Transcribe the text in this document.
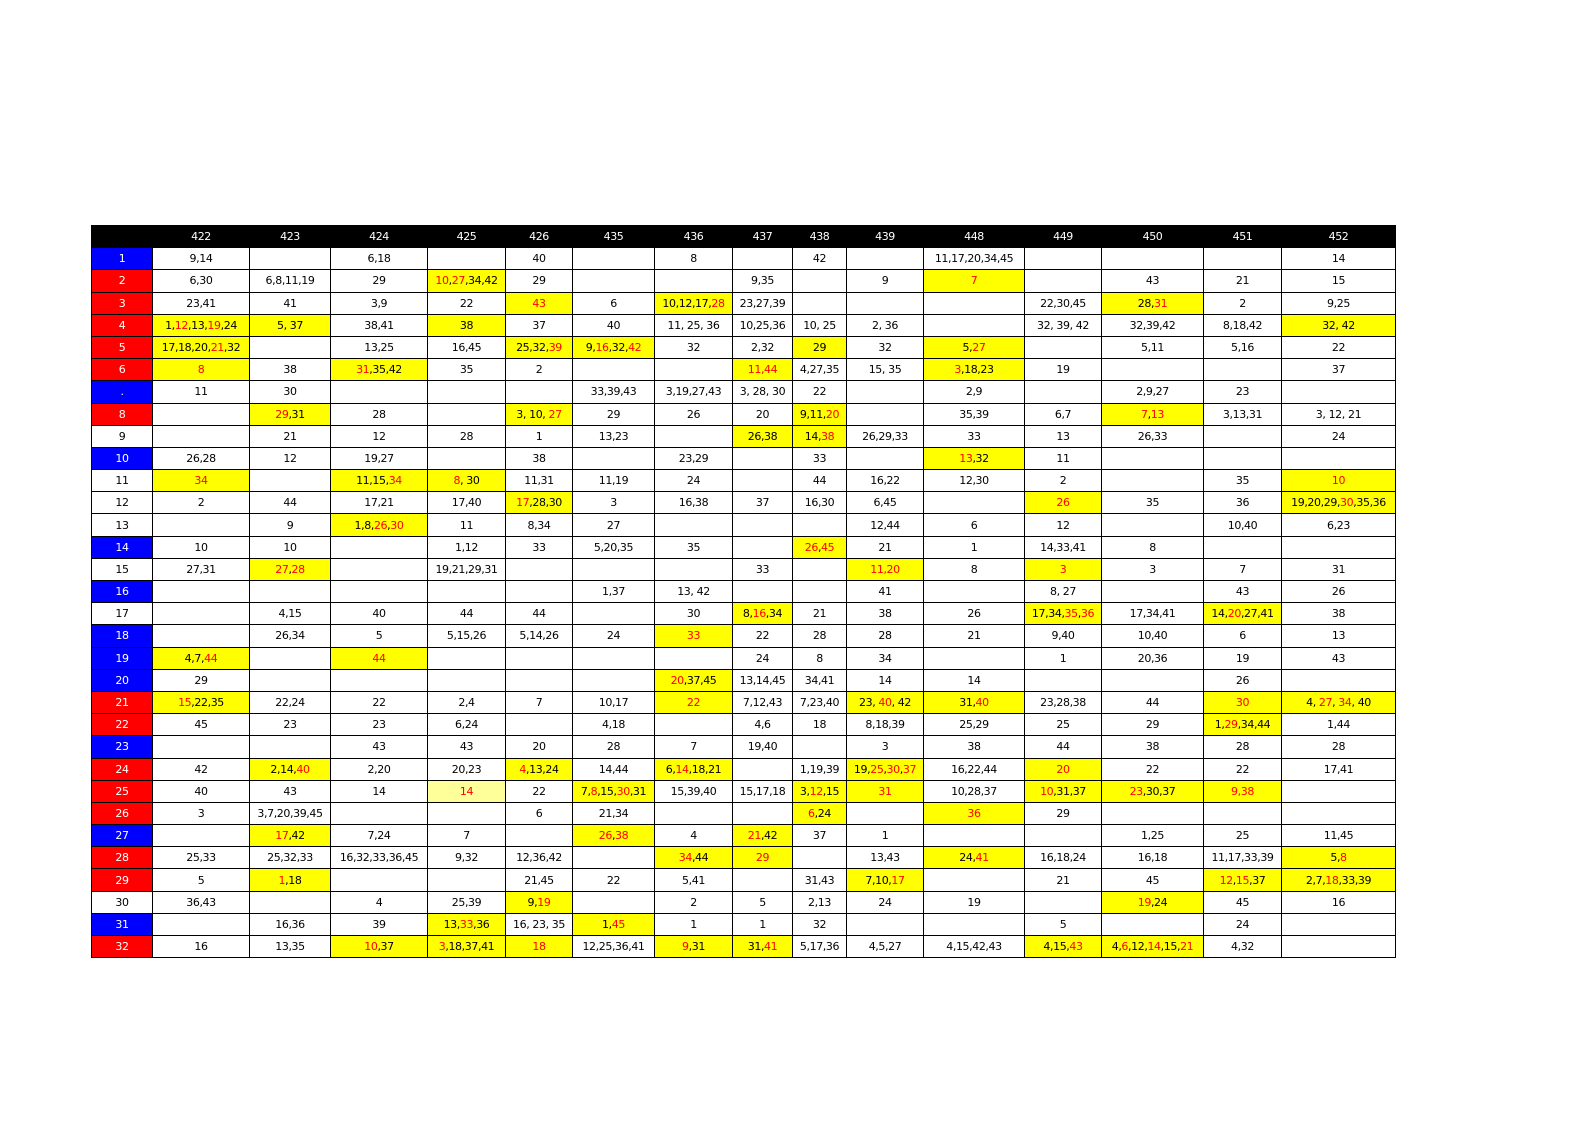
	422	423	424	425	426	435	436	437	438	439	448	449	450	451	452
1	9,14		6,18		40		8		42		11,17,20,34,45				14
2	6,30	6,8,11,19	29	10,27,34,42	29			9,35		9	7		43	21	15
3	23,41	41	3,9	22	43	6	10,12,17,28	23,27,39				22,30,45	28,31	2	9,25
4	1,12,13,19,24	5, 37	38,41	38	37	40	11, 25, 36	10,25,36	10, 25	2, 36		32, 39, 42	32,39,42	8,18,42	32, 42
5	17,18,20,21,32		13,25	16,45	25,32,39	9,16,32,42	32	2,32	29	32	5,27		5,11	5,16	22
6	8	38	31,35,42	35	2			11,44	4,27,35	15, 35	3,18,23	19			37
.	11	30				33,39,43	3,19,27,43	3, 28, 30	22		2,9		2,9,27	23	
8		29,31	28		3, 10, 27	29	26	20	9,11,20		35,39	6,7	7,13	3,13,31	3, 12, 21
9		21	12	28	1	13,23		26,38	14,38	26,29,33	33	13	26,33		24
10	26,28	12	19,27		38		23,29		33		13,32	11			
11	34		11,15,34	8, 30	11,31	11,19	24		44	16,22	12,30	2		35	10
12	2	44	17,21	17,40	17,28,30	3	16,38	37	16,30	6,45		26	35	36	19,20,29,30,35,36
13		9	1,8,26,30	11	8,34	27				12,44	6	12		10,40	6,23
14	10	10		1,12	33	5,20,35	35		26,45	21	1	14,33,41	8		
15	27,31	27,28		19,21,29,31				33		11,20	8	3	3	7	31
16						1,37	13, 42			41		8, 27		43	26
17		4,15	40	44	44		30	8,16,34	21	38	26	17,34,35,36	17,34,41	14,20,27,41	38
18		26,34	5	5,15,26	5,14,26	24	33	22	28	28	21	9,40	10,40	6	13
19	4,7,44		44					24	8	34		1	20,36	19	43
20	29						20,37,45	13,14,45	34,41	14	14			26	
21	15,22,35	22,24	22	2,4	7	10,17	22	7,12,43	7,23,40	23, 40, 42	31,40	23,28,38	44	30	4, 27, 34, 40
22	45	23	23	6,24		4,18		4,6	18	8,18,39	25,29	25	29	1,29,34,44	1,44
23			43	43	20	28	7	19,40		3	38	44	38	28	28
24	42	2,14,40	2,20	20,23	4,13,24	14,44	6,14,18,21		1,19,39	19,25,30,37	16,22,44	20	22	22	17,41
25	40	43	14	14	22	7,8,15,30,31	15,39,40	15,17,18	3,12,15	31	10,28,37	10,31,37	23,30,37	9,38	
26	3	3,7,20,39,45			6	21,34			6,24		36	29			
27		17,42	7,24	7		26,38	4	21,42	37	1			1,25	25	11,45
28	25,33	25,32,33	16,32,33,36,45	9,32	12,36,42		34,44	29		13,43	24,41	16,18,24	16,18	11,17,33,39	5,8
29	5	1,18			21,45	22	5,41		31,43	7,10,17		21	45	12,15,37	2,7,18,33,39
30	36,43		4	25,39	9,19		2	5	2,13	24	19		19,24	45	16
31		16,36	39	13,33,36	16, 23, 35	1,45	1	1	32			5		24	
32	16	13,35	10,37	3,18,37,41	18	12,25,36,41	9,31	31,41	5,17,36	4,5,27	4,15,42,43	4,15,43	4,6,12,14,15,21	4,32	
